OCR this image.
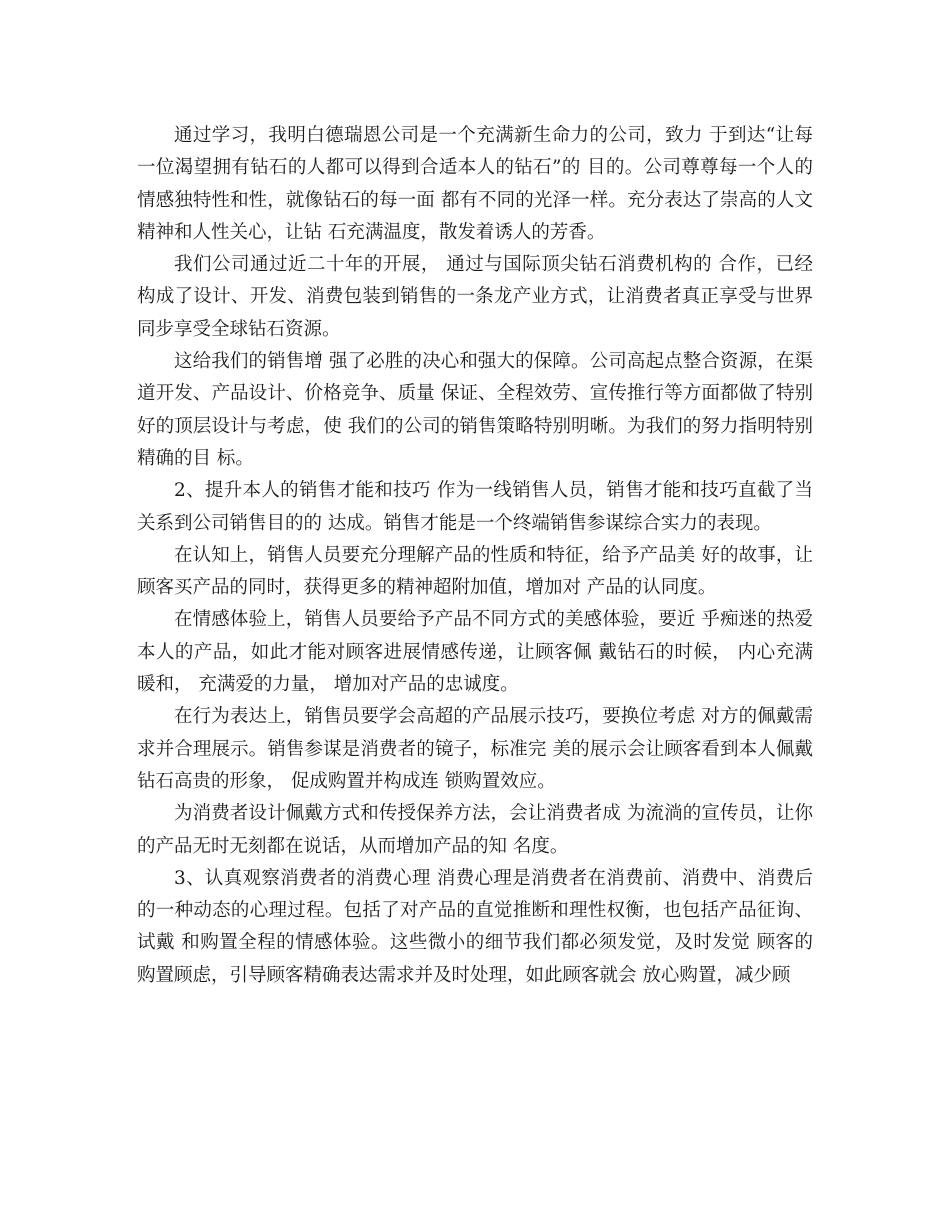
通过学习，我明白德瑞恩公司是一个充满新生命力的公司，致力 于到达“让每一位渴望拥有钻石的人都可以得到合适本人的钻石”的 目的。公司尊尊每一个人的情感独特性和性，就像钻石的每一面 都有不同的光泽一样。充分表达了崇高的人文精神和人性关心，让钻 石充满温度，散发着诱人的芳香。

我们公司通过近二十年的开展， 通过与国际顶尖钻石消费机构的 合作，已经构成了设计、开发、消费包装到销售的一条龙产业方式，让消费者真正享受与世界同步享受全球钻石资源。

这给我们的销售增 强了必胜的决心和强大的保障。公司高起点整合资源，在渠道开发、产品设计、价格竞争、质量 保证、全程效劳、宣传推行等方面都做了特别好的顶层设计与考虑，使 我们的公司的销售策略特别明晰。为我们的努力指明特别精确的目 标。

2、提升本人的销售才能和技巧 作为一线销售人员，销售才能和技巧直截了当关系到公司销售目的的 达成。销售才能是一个终端销售参谋综合实力的表现。

在认知上，销售人员要充分理解产品的性质和特征，给予产品美 好的故事，让顾客买产品的同时，获得更多的精神超附加值，增加对 产品的认同度。

在情感体验上，销售人员要给予产品不同方式的美感体验，要近 乎痴迷的热爱本人的产品，如此才能对顾客进展情感传递，让顾客佩 戴钻石的时候， 内心充满暖和， 充满爱的力量， 增加对产品的忠诚度。

在行为表达上，销售员要学会高超的产品展示技巧，要换位考虑 对方的佩戴需求并合理展示。销售参谋是消费者的镜子，标准完 美的展示会让顾客看到本人佩戴钻石高贵的形象， 促成购置并构成连 锁购置效应。

为消费者设计佩戴方式和传授保养方法，会让消费者成 为流淌的宣传员，让你的产品无时无刻都在说话，从而增加产品的知 名度。

3、认真观察消费者的消费心理 消费心理是消费者在消费前、消费中、消费后的一种动态的心理过程。包括了对产品的直觉推断和理性权衡，也包括产品征询、试戴 和购置全程的情感体验。这些微小的细节我们都必须发觉，及时发觉 顾客的购置顾虑，引导顾客精确表达需求并及时处理，如此顾客就会 放心购置，减少顾
